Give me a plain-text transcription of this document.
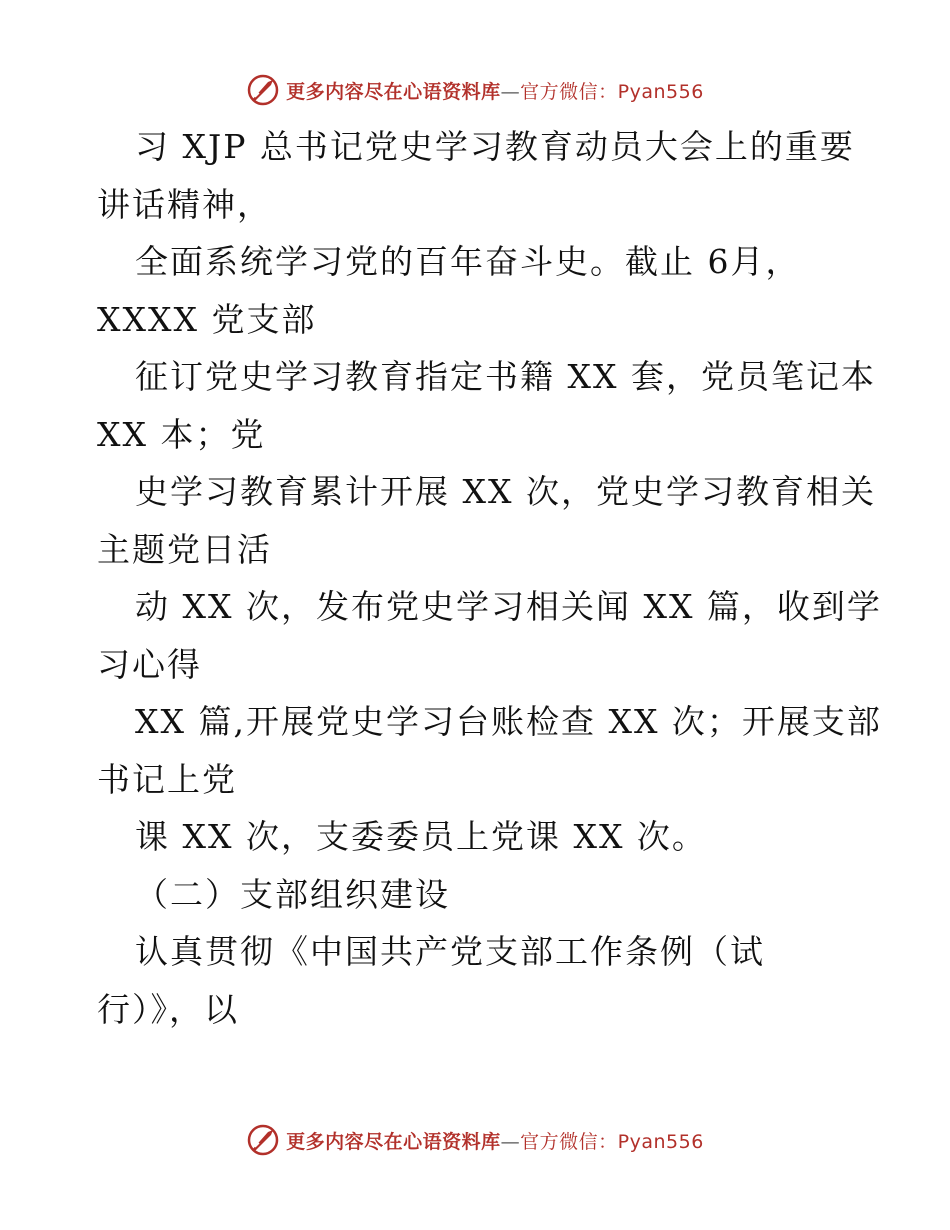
更多内容尽在心语资料库—官方微信：Pyan556
习 XJP 总书记党史学习教育动员大会上的重要
讲话精神，
全面系统学习党的百年奋斗史。截止 6月，
XXXX 党支部
征订党史学习教育指定书籍 XX 套，党员笔记本
XX 本；党
史学习教育累计开展 XX 次，党史学习教育相关
主题党日活
动 XX 次，发布党史学习相关闻 XX 篇，收到学
习心得
XX 篇,开展党史学习台账检查 XX 次；开展支部
书记上党
课 XX 次，支委委员上党课 XX 次。
（二）支部组织建设
认真贯彻《中国共产党支部工作条例（试
行）》，以
更多内容尽在心语资料库—官方微信：Pyan556
